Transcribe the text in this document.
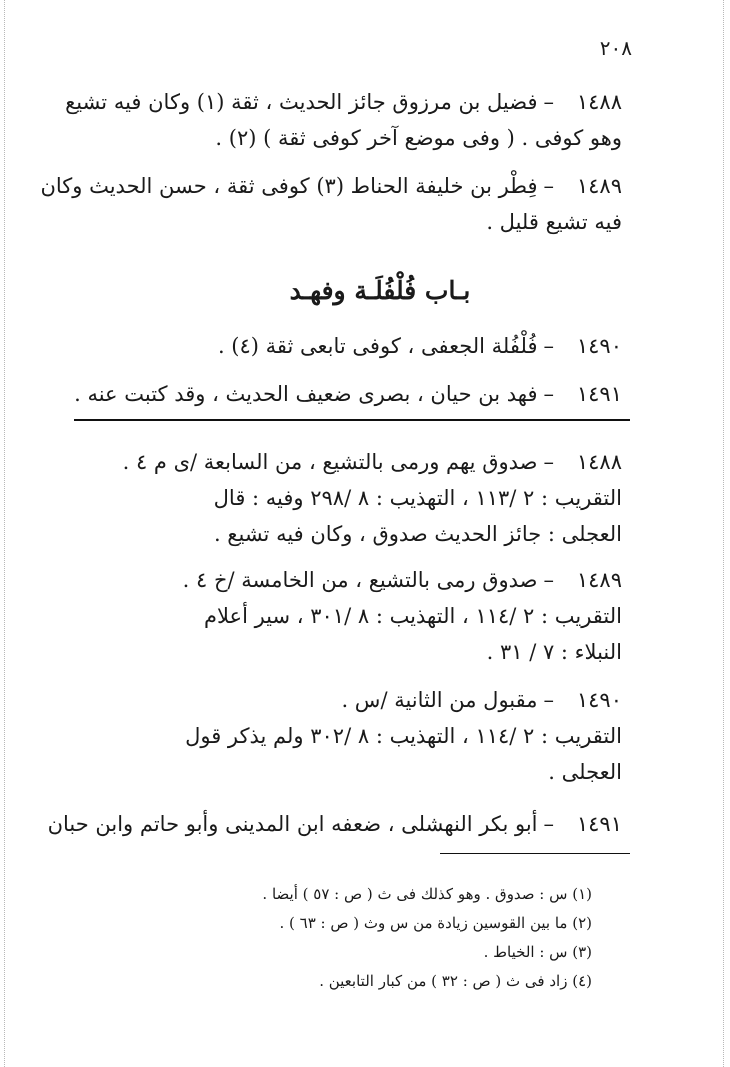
٢٠٨
١٤٨٨–فضيل بن مرزوق جائز الحديث ، ثقة (١) وكان فيه تشيع
وهو كوفى . ( وفى موضع آخر كوفى ثقة ) (٢) .
١٤٨٩–فِطْر بن خليفة الحناط (٣) كوفى ثقة ، حسن الحديث وكان
فيه تشيع قليل .
بـاب فُلْفُلَـة وفهـد
١٤٩٠–فُلْفُلة الجعفى ، كوفى تابعى ثقة (٤) .
١٤٩١–فهد بن حيان ، بصرى ضعيف الحديث ، وقد كتبت عنه .
١٤٨٨–صدوق يهم ورمى بالتشيع ، من السابعة /ى م ٤ .
التقريب : ٢ /١١٣ ، التهذيب : ٨ /٢٩٨ وفيه : قال
العجلى : جائز الحديث صدوق ، وكان فيه تشيع .
١٤٨٩–صدوق رمى بالتشيع ، من الخامسة /خ ٤ .
التقريب : ٢ /١١٤ ، التهذيب : ٨ /٣٠١ ، سير أعلام
النبلاء : ٧ / ٣١ .
١٤٩٠–مقبول من الثانية /س .
التقريب : ٢ /١١٤ ، التهذيب : ٨ /٣٠٢ ولم يذكر قول
العجلى .
١٤٩١–أبو بكر النهشلى ، ضعفه ابن المدينى وأبو حاتم وابن حبان
(١) س : صدوق . وهو كذلك فى ث ( ص : ٥٧ ) أيضا .
(٢) ما بين القوسين زيادة من س وث ( ص : ٦٣ ) .
(٣) س : الخياط .
(٤) زاد فى ث ( ص : ٣٢ ) من كبار التابعين .
